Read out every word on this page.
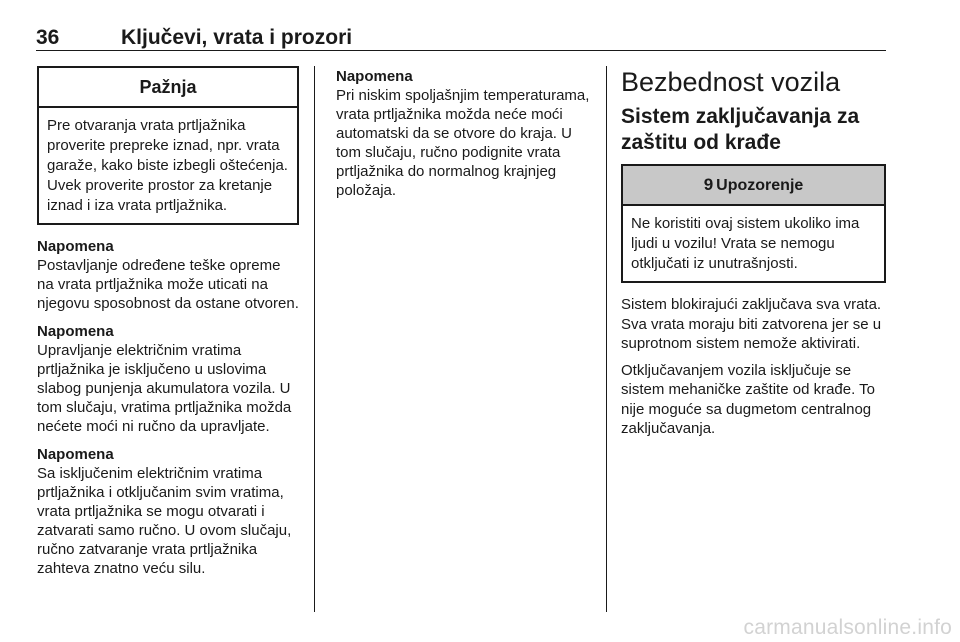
36	Ključevi, vrata i prozori
Pažnja
Pre otvaranja vrata prtljažnika proverite prepreke iznad, npr. vrata garaže, kako biste izbegli oštećenja. Uvek proverite prostor za kretanje iznad i iza vrata prtljažnika.
Napomena
Postavljanje određene teške opreme na vrata prtljažnika može uticati na njegovu sposobnost da ostane otvoren.
Napomena
Upravljanje električnim vratima prtljažnika je isključeno u uslovima slabog punjenja akumulatora vozila. U tom slučaju, vratima prtljažnika možda nećete moći ni ručno da upravljate.
Napomena
Sa isključenim električnim vratima prtljažnika i otključanim svim vratima, vrata prtljažnika se mogu otvarati i zatvarati samo ručno. U ovom slučaju, ručno zatvaranje vrata prtljažnika zahteva znatno veću silu.
Napomena
Pri niskim spoljašnjim temperaturama, vrata prtljažnika možda neće moći automatski da se otvore do kraja. U tom slučaju, ručno podignite vrata prtljažnika do normalnog krajnjeg položaja.
Bezbednost vozila
Sistem zaključavanja za zaštitu od krađe
9 Upozorenje
Ne koristiti ovaj sistem ukoliko ima ljudi u vozilu! Vrata se nemogu otključati iz unutrašnjosti.
Sistem blokirajući zaključava sva vrata. Sva vrata moraju biti zatvorena jer se u suprotnom sistem nemože aktivirati.
Otključavanjem vozila isključuje se sistem mehaničke zaštite od krađe. To nije moguće sa dugmetom centralnog zaključavanja.
carmanualsonline.info
